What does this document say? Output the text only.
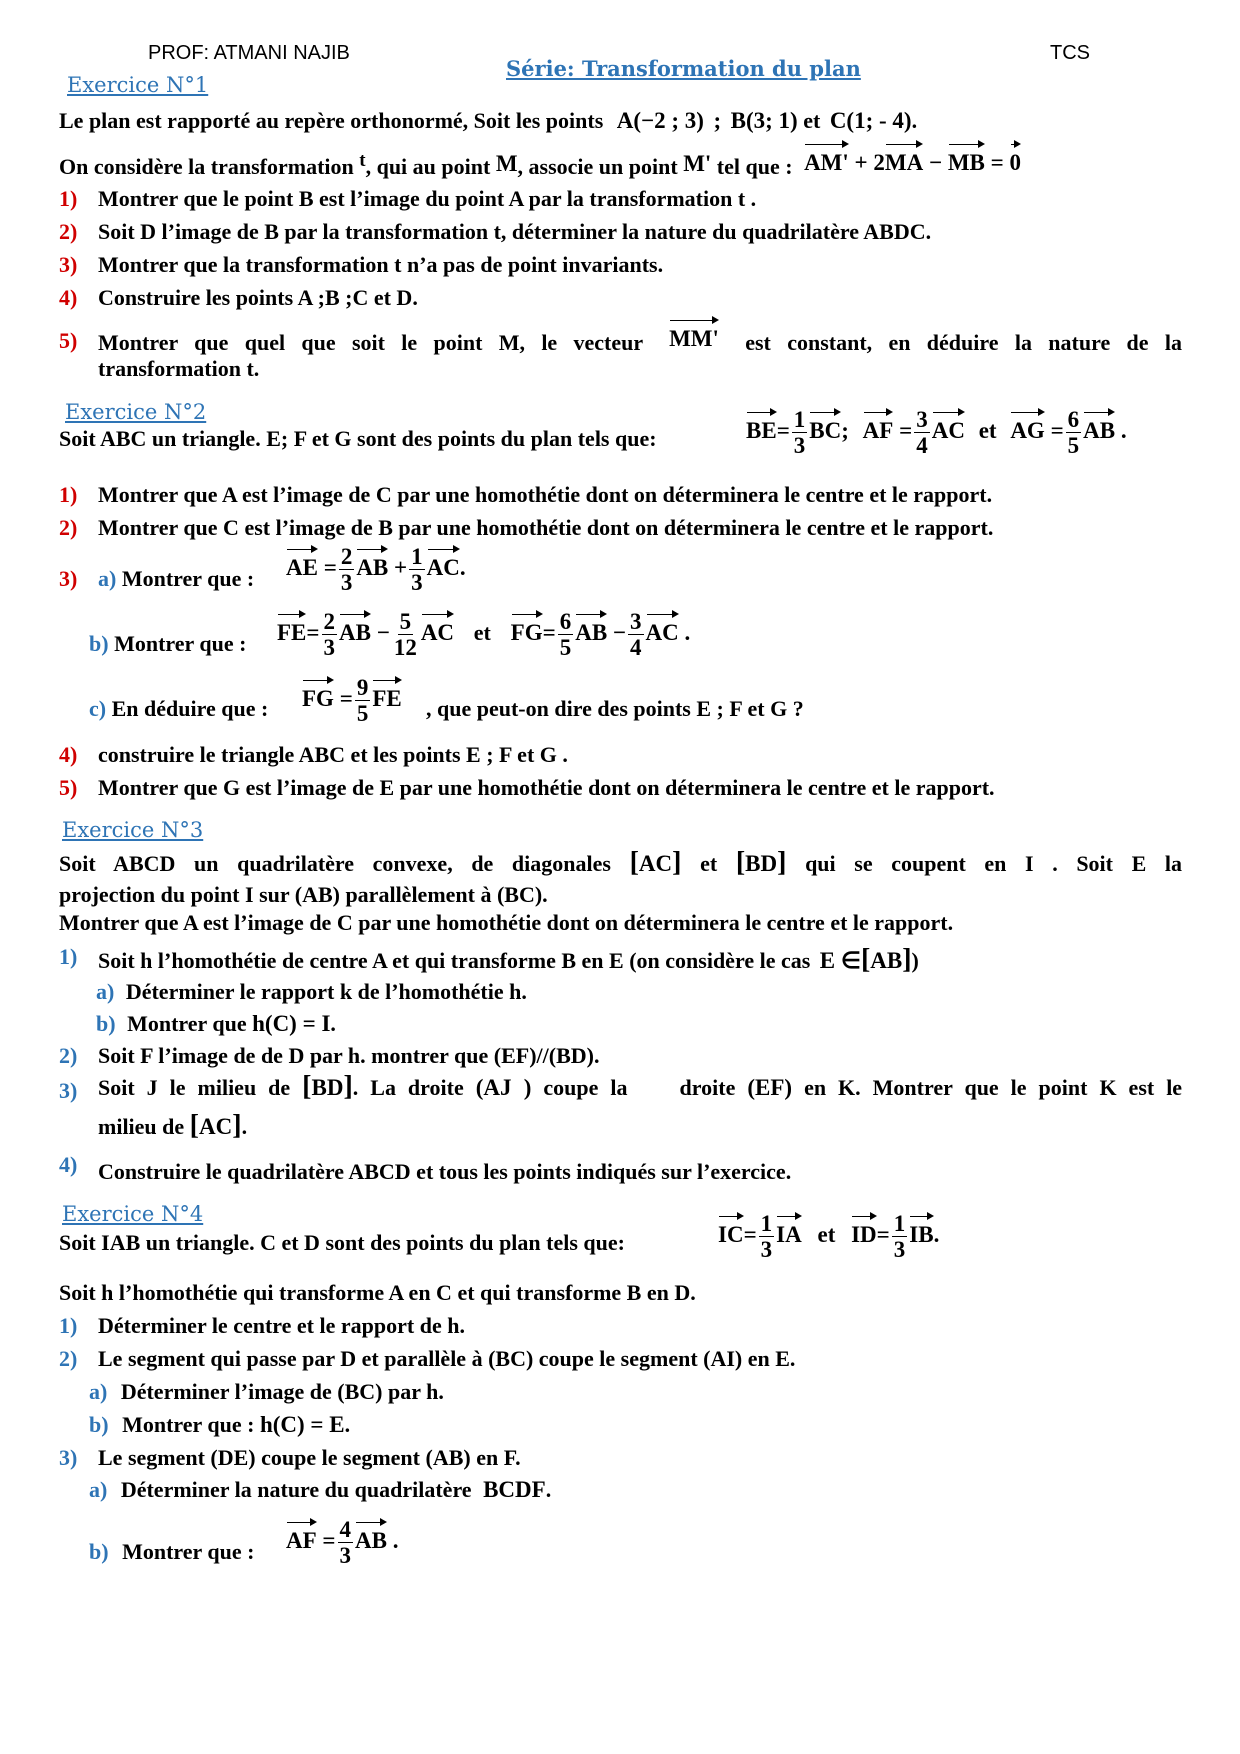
PROF: ATMANI NAJIB
Série: Transformation du plan
TCS
Exercice N°1
Le plan est rapporté au repère orthonormé, Soit les points A(−2 ; 3) ; B(3; 1) et C(1; - 4).
On considère la transformation t, qui au point M, associe un point M' tel que : AM' + 2MA − MB = 0
1) Montrer que le point B est l’image du point A par la transformation t .
2) Soit D l’image de B par la transformation t, déterminer la nature du quadrilatère ABDC.
3) Montrer que la transformation t n’a pas de point invariants.
4) Construire les points A ;B ;C et D.
5) Montrer que quel que soit le point M, le vecteur MM' est constant, en déduire la nature de la
transformation t.
Exercice N°2
Soit ABC un triangle. E; F et G sont des points du plan tels que:	$BE= \frac{1}{3}$ BC; AF = $\frac{3}{4}$ AC et AG = $\frac{6}{5}$ AB .
1) Montrer que A est l’image de C par une homothétie dont on déterminera le centre et le rapport.
2) Montrer que C est l’image de B par une homothétie dont on déterminera le centre et le rapport.
3) a) Montrer que : AE = $\frac{2}{3}$ AB + $\frac{1}{3}$ AC.
b) Montrer que : $FE= \frac{2}{3}$ AB − $\frac{5}{12}$ AC et $FG= \frac{6}{5}$ AB − $\frac{3}{4}$ AC .
c) En déduire que : FG = $\frac{9}{5}$ FE , que peut-on dire des points E ; F et G ?
4) construire le triangle ABC et les points E ; F et G .
5) Montrer que G est l’image de E par une homothétie dont on déterminera le centre et le rapport.
Exercice N°3
Soit ABCD un quadrilatère convexe, de diagonales [AC] et [BD] qui se coupent en I . Soit E la
projection du point I sur (AB) parallèlement à (BC).
Montrer que A est l’image de C par une homothétie dont on déterminera le centre et le rapport.
1) Soit h l’homothétie de centre A et qui transforme B en E (on considère le cas E ∈[AB])
a) Déterminer le rapport k de l’homothétie h.
b) Montrer que h(C) = I.
2) Soit F l’image de de D par h. montrer que (EF)//(BD).
3) Soit J le milieu de [BD]. La droite (AJ ) coupe la droite (EF) en K. Montrer que le point K est le
milieu de [AC].
4) Construire le quadrilatère ABCD et tous les points indiqués sur l’exercice.
Exercice N°4
Soit IAB un triangle. C et D sont des points du plan tels que:	$IC= \frac{1}{3}$ IA et $ID= \frac{1}{3}$ IB.
Soit h l’homothétie qui transforme A en C et qui transforme B en D.
1) Déterminer le centre et le rapport de h.
2) Le segment qui passe par D et parallèle à (BC) coupe le segment (AI) en E.
a) Déterminer l’image de (BC) par h.
b) Montrer que : h(C) = E.
3) Le segment (DE) coupe le segment (AB) en F.
a) Déterminer la nature du quadrilatère BCDF.
b) Montrer que : AF = $\frac{4}{3}$ AB .
